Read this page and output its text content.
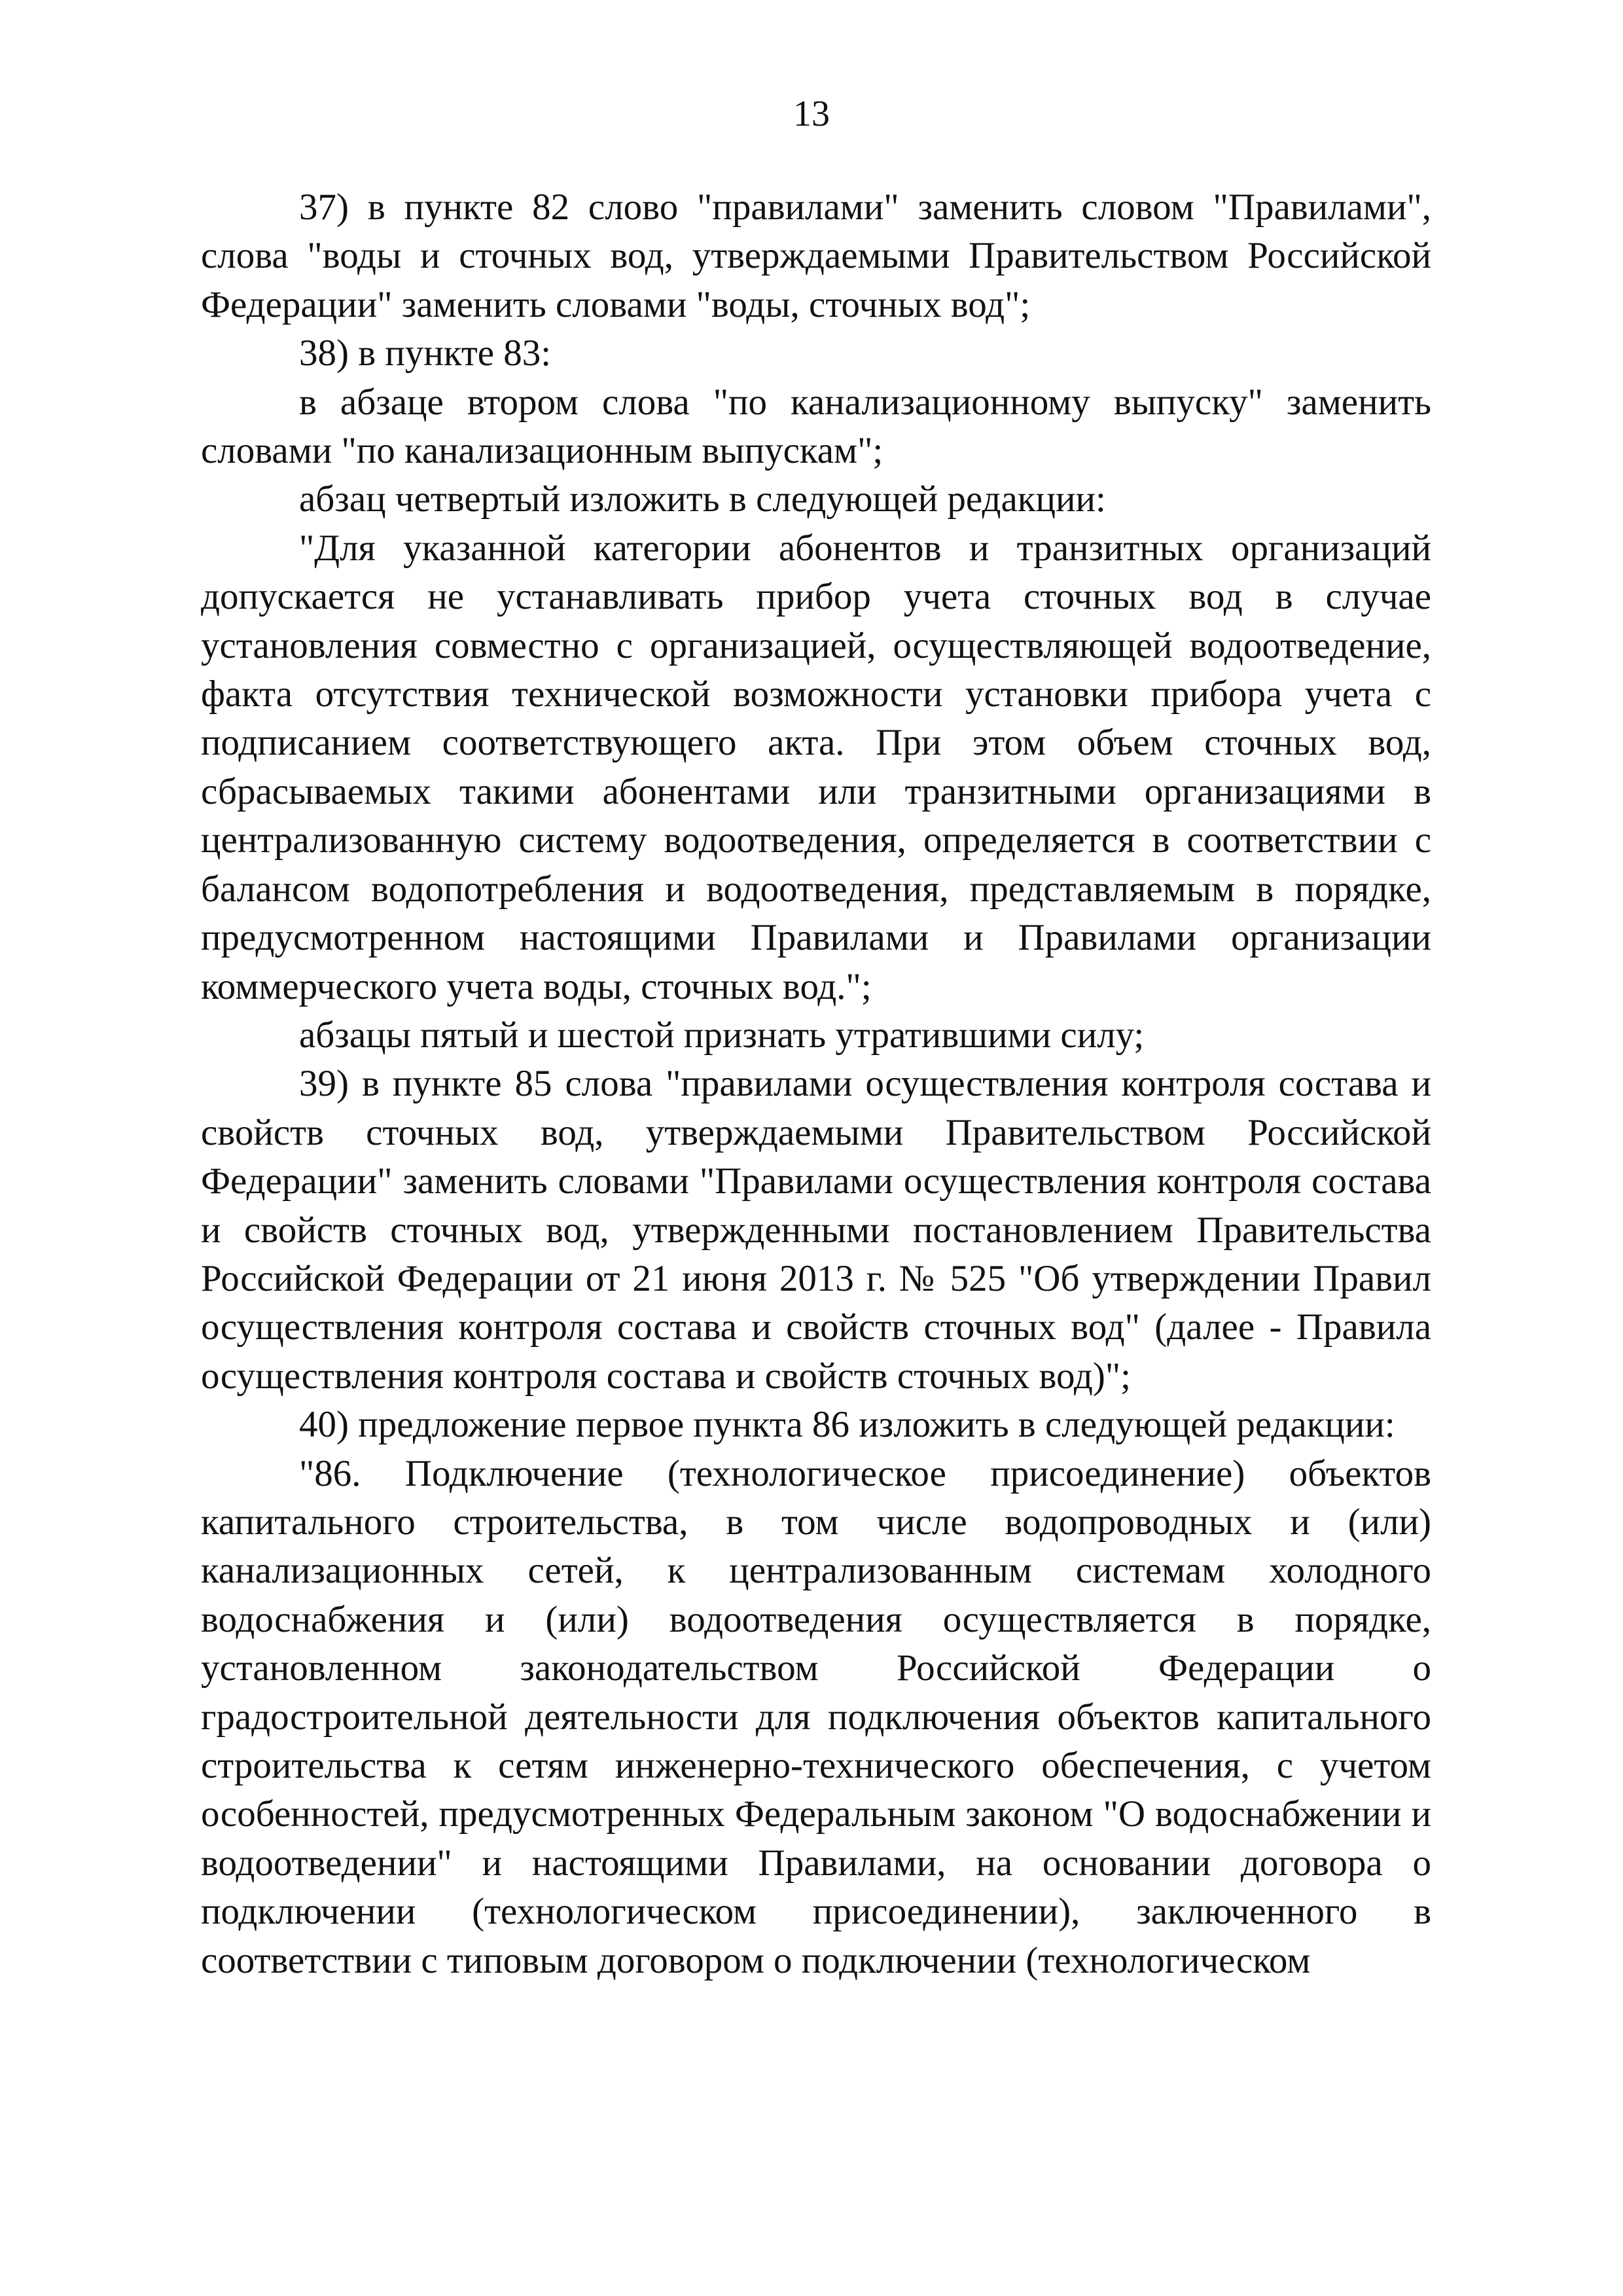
13

37) в пункте 82 слово "правилами" заменить словом "Правилами", слова "воды и сточных вод, утверждаемыми Правительством Российской Федерации" заменить словами "воды, сточных вод";

38) в пункте 83:

в абзаце втором слова "по канализационному выпуску" заменить словами "по канализационным выпускам";

абзац четвертый изложить в следующей редакции:

"Для указанной категории абонентов и транзитных организаций допускается не устанавливать прибор учета сточных вод в случае установления совместно с организацией, осуществляющей водоотведение, факта отсутствия технической возможности установки прибора учета с подписанием соответствующего акта. При этом объем сточных вод, сбрасываемых такими абонентами или транзитными организациями в централизованную систему водоотведения, определяется в соответствии с балансом водопотребления и водоотведения, представляемым в порядке, предусмотренном настоящими Правилами и Правилами организации коммерческого учета воды, сточных вод.";

абзацы пятый и шестой признать утратившими силу;

39) в пункте 85 слова "правилами осуществления контроля состава и свойств сточных вод, утверждаемыми Правительством Российской Федерации" заменить словами "Правилами осуществления контроля состава и свойств сточных вод, утвержденными постановлением Правительства Российской Федерации от 21 июня 2013 г. № 525 "Об утверждении Правил осуществления контроля состава и свойств сточных вод" (далее - Правила осуществления контроля состава и свойств сточных вод)";

40) предложение первое пункта 86 изложить в следующей редакции:

"86. Подключение (технологическое присоединение) объектов капитального строительства, в том числе водопроводных и (или) канализационных сетей, к централизованным системам холодного водоснабжения и (или) водоотведения осуществляется в порядке, установленном законодательством Российской Федерации о градостроительной деятельности для подключения объектов капитального строительства к сетям инженерно-технического обеспечения, с учетом особенностей, предусмотренных Федеральным законом "О водоснабжении и водоотведении" и настоящими Правилами, на основании договора о подключении (технологическом присоединении), заключенного в соответствии с типовым договором о подключении (технологическом
